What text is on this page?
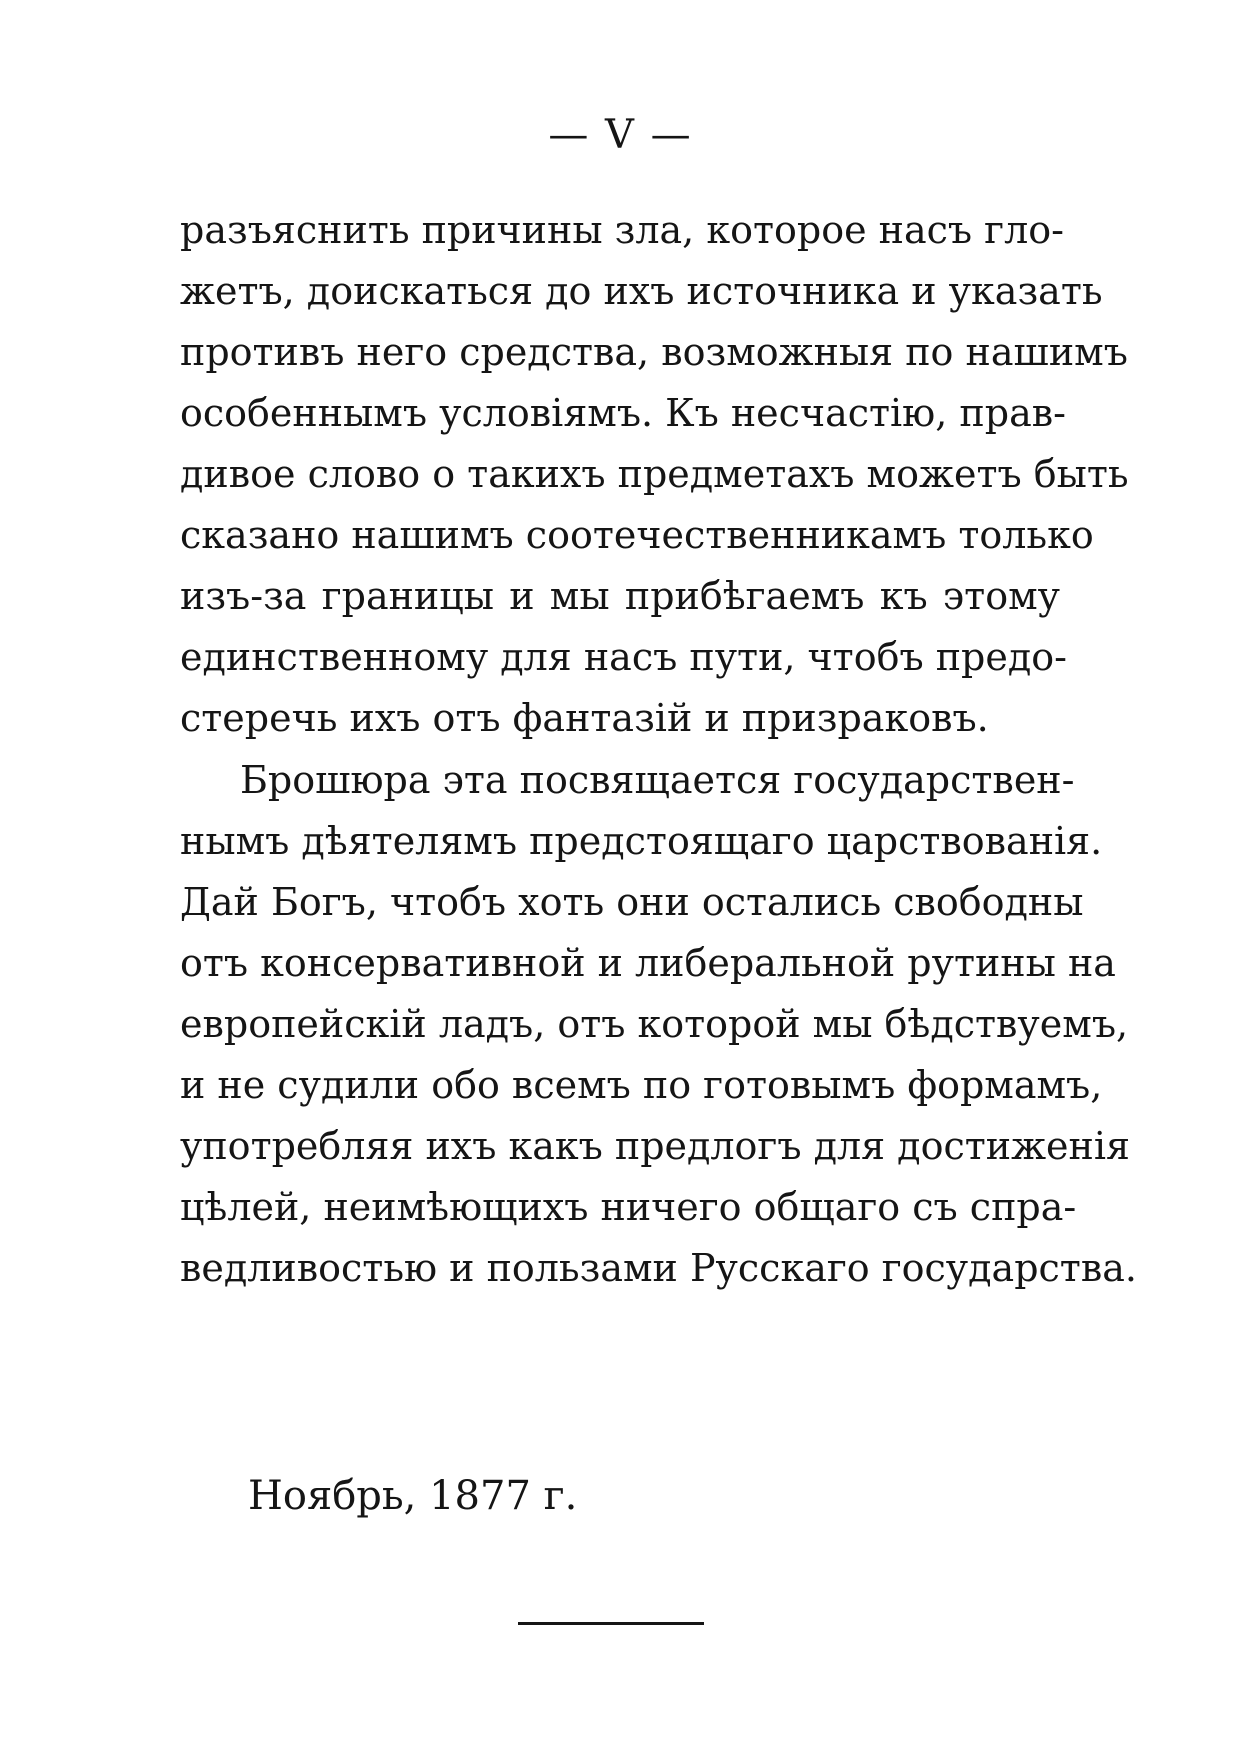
— V —
разъяснить причины зла, которое насъ гло-
жетъ, доискаться до ихъ источника и указать
противъ него средства, возможныя по нашимъ
особеннымъ условіямъ. Къ несчастію, прав-
дивое слово о такихъ предметахъ можетъ быть
сказано нашимъ соотечественникамъ только
изъ-за границы и мы прибѣгаемъ къ этому
единственному для насъ пути, чтобъ предо-
стеречь ихъ отъ фантазій и призраковъ.
Брошюра эта посвящается государствен-
нымъ дѣятелямъ предстоящаго царствованія.
Дай Богъ, чтобъ хоть они остались свободны
отъ консервативной и либеральной рутины на
европейскій ладъ, отъ которой мы бѣдствуемъ,
и не судили обо всемъ по готовымъ формамъ,
употребляя ихъ какъ предлогъ для достиженія
цѣлей, неимѣющихъ ничего общаго съ спра-
ведливостью и пользами Русскаго государства.
Ноябрь, 1877 г.
